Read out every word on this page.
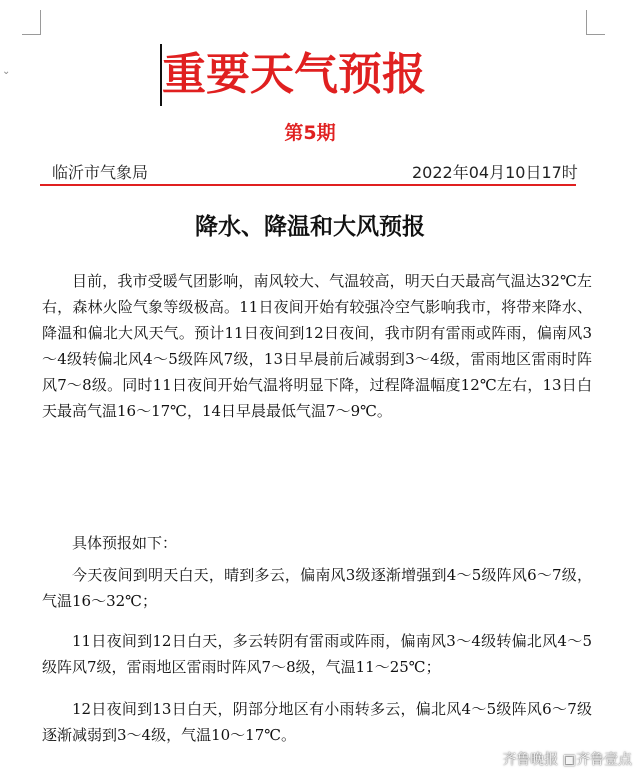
⌄	重要天气预报
第5期
临沂市气象局	2022年04月10日17时
降水、降温和大风预报

目前，我市受暖气团影响，南风较大、气温较高，明天白天最高气温达32℃左右，森林火险气象等级极高。11日夜间开始有较强冷空气影响我市，将带来降水、降温和偏北大风天气。预计11日夜间到12日夜间，我市阴有雷雨或阵雨，偏南风3～4级转偏北风4～5级阵风7级，13日早晨前后减弱到3～4级，雷雨地区雷雨时阵风7～8级。同时11日夜间开始气温将明显下降，过程降温幅度12℃左右，13日白天最高气温16～17℃，14日早晨最低气温7～9℃。

具体预报如下：

今天夜间到明天白天，晴到多云，偏南风3级逐渐增强到4～5级阵风6～7级，气温16～32℃；

11日夜间到12日白天，多云转阴有雷雨或阵雨，偏南风3～4级转偏北风4～5级阵风7级，雷雨地区雷雨时阵风7～8级，气温11～25℃；

12日夜间到13日白天，阴部分地区有小雨转多云，偏北风4～5级阵风6～7级逐渐减弱到3～4级，气温10～17℃。

齐鲁晚报 ▣齐鲁壹点
